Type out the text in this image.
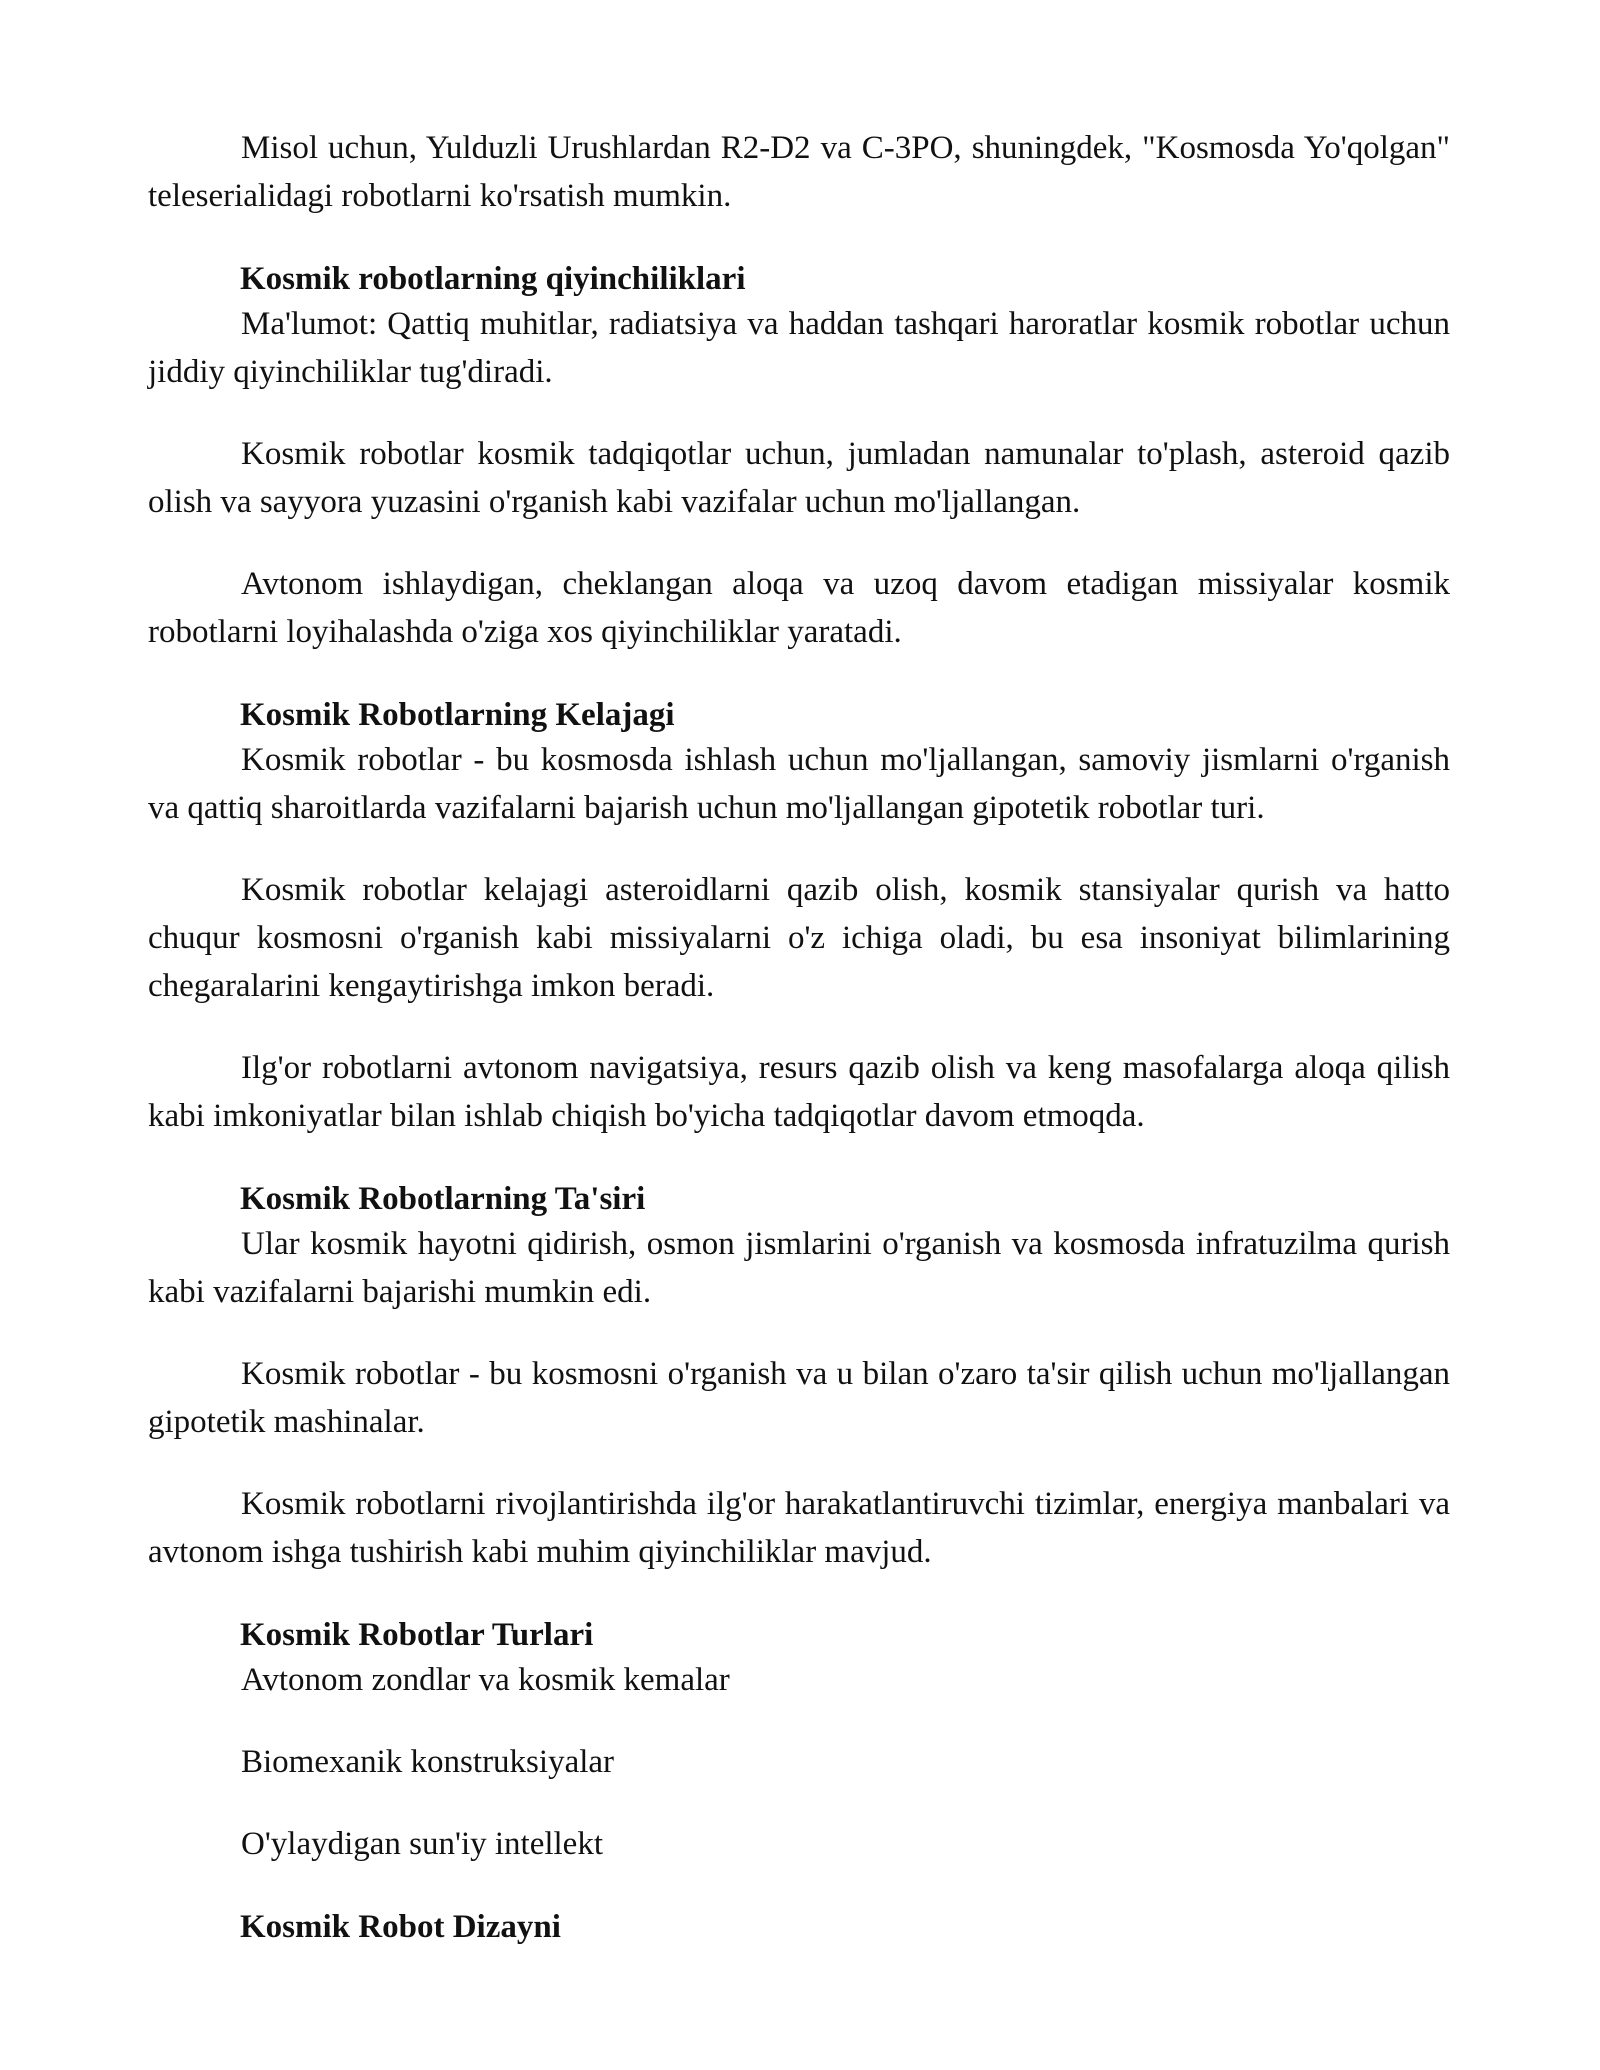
Misol uchun, Yulduzli Urushlardan R2-D2 va C-3PO, shuningdek, "Kosmosda Yo'qolgan" teleserialidagi robotlarni ko'rsatish mumkin.

Kosmik robotlarning qiyinchiliklari

Ma'lumot: Qattiq muhitlar, radiatsiya va haddan tashqari haroratlar kosmik robotlar uchun jiddiy qiyinchiliklar tug'diradi.

Kosmik robotlar kosmik tadqiqotlar uchun, jumladan namunalar to'plash, asteroid qazib olish va sayyora yuzasini o'rganish kabi vazifalar uchun mo'ljallangan.

Avtonom ishlaydigan, cheklangan aloqa va uzoq davom etadigan missiyalar kosmik robotlarni loyihalashda o'ziga xos qiyinchiliklar yaratadi.

Kosmik Robotlarning Kelajagi

Kosmik robotlar - bu kosmosda ishlash uchun mo'ljallangan, samoviy jismlarni o'rganish va qattiq sharoitlarda vazifalarni bajarish uchun mo'ljallangan gipotetik robotlar turi.

Kosmik robotlar kelajagi asteroidlarni qazib olish, kosmik stansiyalar qurish va hatto chuqur kosmosni o'rganish kabi missiyalarni o'z ichiga oladi, bu esa insoniyat bilimlarining chegaralarini kengaytirishga imkon beradi.

Ilg'or robotlarni avtonom navigatsiya, resurs qazib olish va keng masofalarga aloqa qilish kabi imkoniyatlar bilan ishlab chiqish bo'yicha tadqiqotlar davom etmoqda.

Kosmik Robotlarning Ta'siri

Ular kosmik hayotni qidirish, osmon jismlarini o'rganish va kosmosda infratuzilma qurish kabi vazifalarni bajarishi mumkin edi.

Kosmik robotlar - bu kosmosni o'rganish va u bilan o'zaro ta'sir qilish uchun mo'ljallangan gipotetik mashinalar.

Kosmik robotlarni rivojlantirishda ilg'or harakatlantiruvchi tizimlar, energiya manbalari va avtonom ishga tushirish kabi muhim qiyinchiliklar mavjud.

Kosmik Robotlar Turlari

Avtonom zondlar va kosmik kemalar

Biomexanik konstruksiyalar

O'ylaydigan sun'iy intellekt

Kosmik Robot Dizayni
